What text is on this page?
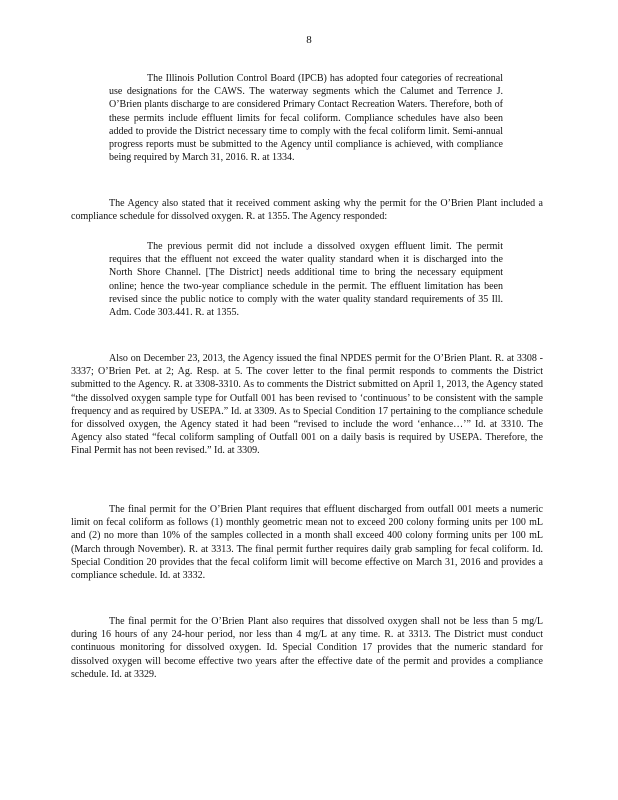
8

The Illinois Pollution Control Board (IPCB) has adopted four categories of recreational use designations for the CAWS. The waterway segments which the Calumet and Terrence J. O’Brien plants discharge to are considered Primary Contact Recreation Waters. Therefore, both of these permits include effluent limits for fecal coliform. Compliance schedules have also been added to provide the District necessary time to comply with the fecal coliform limit. Semi-annual progress reports must be submitted to the Agency until compliance is achieved, with compliance being required by March 31, 2016. R. at 1334.

The Agency also stated that it received comment asking why the permit for the O’Brien Plant included a compliance schedule for dissolved oxygen. R. at 1355. The Agency responded:

The previous permit did not include a dissolved oxygen effluent limit. The permit requires that the effluent not exceed the water quality standard when it is discharged into the North Shore Channel. [The District] needs additional time to bring the necessary equipment online; hence the two-year compliance schedule in the permit. The effluent limitation has been revised since the public notice to comply with the water quality standard requirements of 35 Ill. Adm. Code 303.441. R. at 1355.

Also on December 23, 2013, the Agency issued the final NPDES permit for the O’Brien Plant. R. at 3308 - 3337; O’Brien Pet. at 2; Ag. Resp. at 5. The cover letter to the final permit responds to comments the District submitted to the Agency. R. at 3308-3310. As to comments the District submitted on April 1, 2013, the Agency stated “the dissolved oxygen sample type for Outfall 001 has been revised to ‘continuous’ to be consistent with the sample frequency and as required by USEPA.” Id. at 3309. As to Special Condition 17 pertaining to the compliance schedule for dissolved oxygen, the Agency stated it had been “revised to include the word ‘enhance…’” Id. at 3310. The Agency also stated “fecal coliform sampling of Outfall 001 on a daily basis is required by USEPA. Therefore, the Final Permit has not been revised.” Id. at 3309.

The final permit for the O’Brien Plant requires that effluent discharged from outfall 001 meets a numeric limit on fecal coliform as follows (1) monthly geometric mean not to exceed 200 colony forming units per 100 mL and (2) no more than 10% of the samples collected in a month shall exceed 400 colony forming units per 100 mL (March through November). R. at 3313. The final permit further requires daily grab sampling for fecal coliform. Id. Special Condition 20 provides that the fecal coliform limit will become effective on March 31, 2016 and provides a compliance schedule. Id. at 3332.

The final permit for the O’Brien Plant also requires that dissolved oxygen shall not be less than 5 mg/L during 16 hours of any 24-hour period, nor less than 4 mg/L at any time. R. at 3313. The District must conduct continuous monitoring for dissolved oxygen. Id. Special Condition 17 provides that the numeric standard for dissolved oxygen will become effective two years after the effective date of the permit and provides a compliance schedule. Id. at 3329.
